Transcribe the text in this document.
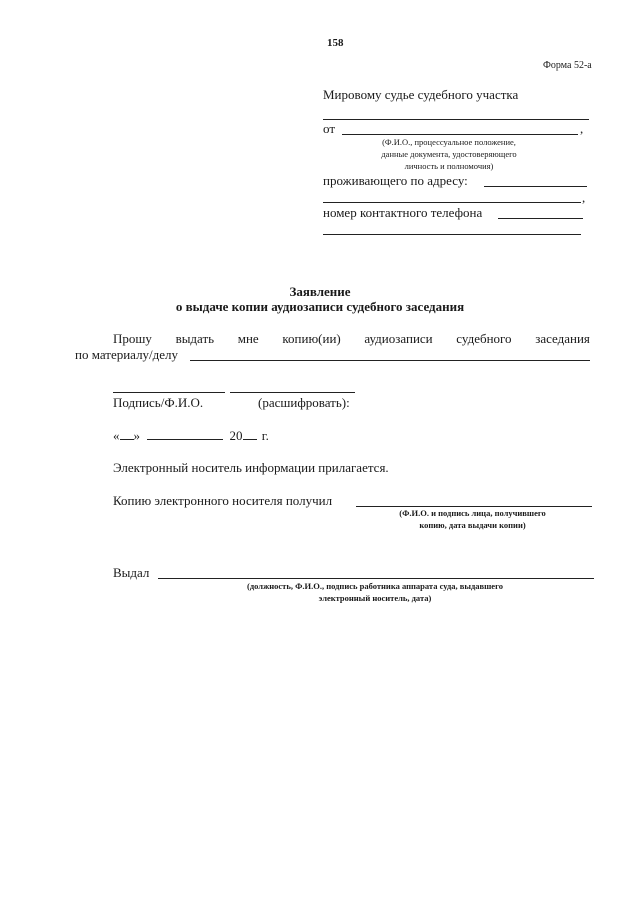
158
Форма 52-а
Мировому судье судебного участка
от	,
(Ф.И.О., процессуальное положение,
данные документа, удостоверяющего
личность и полномочия)
проживающего по адресу:
,
номер контактного телефона
Заявление
о выдаче копии аудиозаписи судебного заседания
Прошу выдать мне копию(ии) аудиозаписи судебного заседания
по материалу/делу
Подпись/Ф.И.О.	(расшифровать):
« »	20 г.
Электронный носитель информации прилагается.
Копию электронного носителя получил
(Ф.И.О. и подпись лица, получившего
копию, дата выдачи копии)
Выдал
(должность, Ф.И.О., подпись работника аппарата суда, выдавшего
электронный носитель, дата)
